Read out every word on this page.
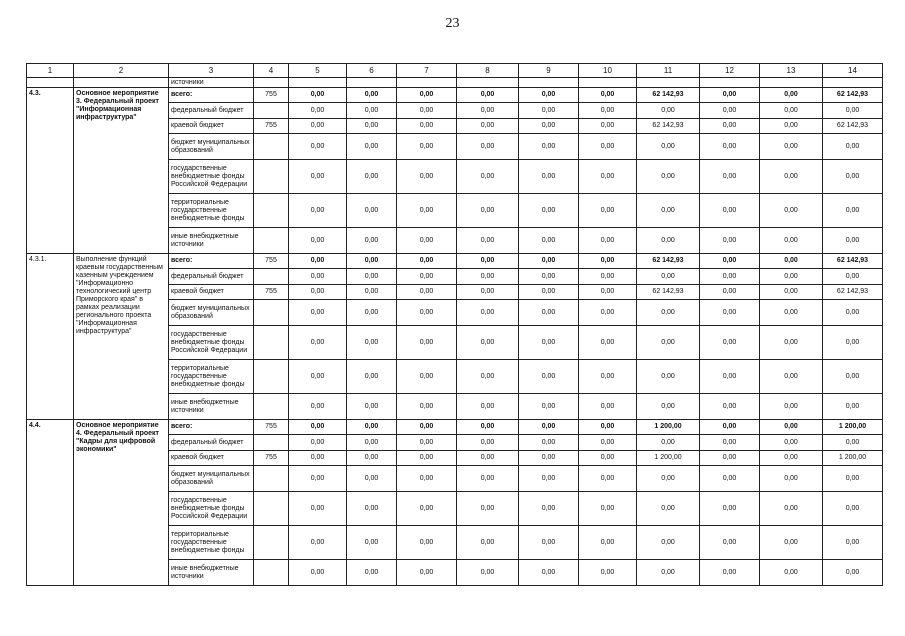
23
1	2	3	4	5	6	7	8	9	10	11	12	13	14
		источники											
4.3.	Основное мероприятие 3. Федеральный проект "Информационная инфраструктура"	всего:	755	0,00	0,00	0,00	0,00	0,00	0,00	62 142,93	0,00	0,00	62 142,93
		федеральный бюджет		0,00	0,00	0,00	0,00	0,00	0,00	0,00	0,00	0,00	0,00
		краевой бюджет	755	0,00	0,00	0,00	0,00	0,00	0,00	62 142,93	0,00	0,00	62 142,93
		бюджет муниципальных образований		0,00	0,00	0,00	0,00	0,00	0,00	0,00	0,00	0,00	0,00
		государственные внебюджетные фонды Российской Федерации		0,00	0,00	0,00	0,00	0,00	0,00	0,00	0,00	0,00	0,00
		территориальные государственные внебюджетные фонды		0,00	0,00	0,00	0,00	0,00	0,00	0,00	0,00	0,00	0,00
		иные внебюджетные источники		0,00	0,00	0,00	0,00	0,00	0,00	0,00	0,00	0,00	0,00
4.3.1.	Выполнение функций краевым государственным казенным учреждением "Информационно технологический центр Приморского края" в рамках реализации регионального проекта "Информационная инфраструктура"	всего:	755	0,00	0,00	0,00	0,00	0,00	0,00	62 142,93	0,00	0,00	62 142,93
		федеральный бюджет		0,00	0,00	0,00	0,00	0,00	0,00	0,00	0,00	0,00	0,00
		краевой бюджет	755	0,00	0,00	0,00	0,00	0,00	0,00	62 142,93	0,00	0,00	62 142,93
		бюджет муниципальных образований		0,00	0,00	0,00	0,00	0,00	0,00	0,00	0,00	0,00	0,00
		государственные внебюджетные фонды Российской Федерации		0,00	0,00	0,00	0,00	0,00	0,00	0,00	0,00	0,00	0,00
		территориальные государственные внебюджетные фонды		0,00	0,00	0,00	0,00	0,00	0,00	0,00	0,00	0,00	0,00
		иные внебюджетные источники		0,00	0,00	0,00	0,00	0,00	0,00	0,00	0,00	0,00	0,00
4.4.	Основное мероприятие 4. Федеральный проект "Кадры для цифровой экономики"	всего:	755	0,00	0,00	0,00	0,00	0,00	0,00	1 200,00	0,00	0,00	1 200,00
		федеральный бюджет		0,00	0,00	0,00	0,00	0,00	0,00	0,00	0,00	0,00	0,00
		краевой бюджет	755	0,00	0,00	0,00	0,00	0,00	0,00	1 200,00	0,00	0,00	1 200,00
		бюджет муниципальных образований		0,00	0,00	0,00	0,00	0,00	0,00	0,00	0,00	0,00	0,00
		государственные внебюджетные фонды Российской Федерации		0,00	0,00	0,00	0,00	0,00	0,00	0,00	0,00	0,00	0,00
		территориальные государственные внебюджетные фонды		0,00	0,00	0,00	0,00	0,00	0,00	0,00	0,00	0,00	0,00
		иные внебюджетные источники		0,00	0,00	0,00	0,00	0,00	0,00	0,00	0,00	0,00	0,00
